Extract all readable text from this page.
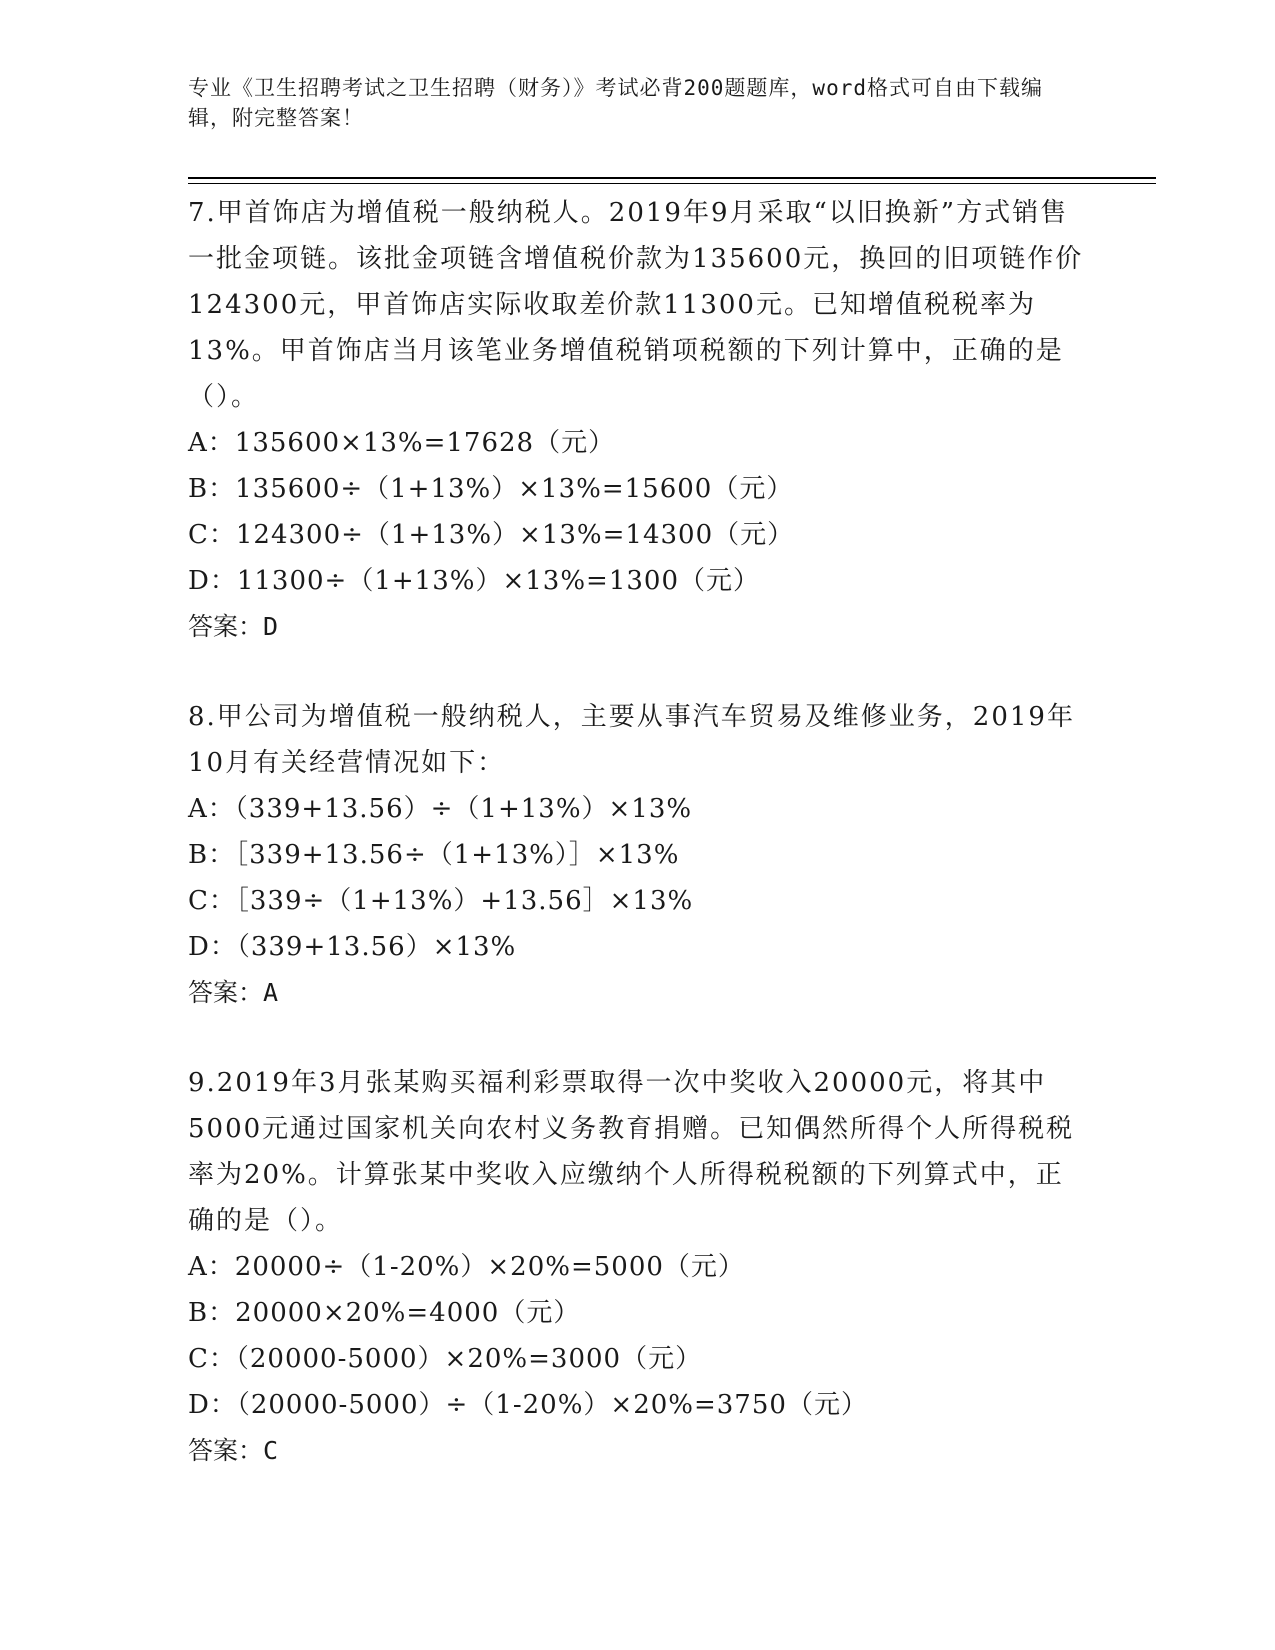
专业《卫生招聘考试之卫生招聘（财务）》考试必背200题题库，word格式可自由下载编辑，附完整答案！

7.甲首饰店为增值税一般纳税人。2019年9月采取“以旧换新”方式销售一批金项链。该批金项链含增值税价款为135600元，换回的旧项链作价124300元，甲首饰店实际收取差价款11300元。已知增值税税率为13%。甲首饰店当月该笔业务增值税销项税额的下列计算中，正确的是（）。

A：135600×13%=17628（元）

B：135600÷（1+13%）×13%=15600（元）

C：124300÷（1+13%）×13%=14300（元）

D：11300÷（1+13%）×13%=1300（元）

答案：D

8.甲公司为增值税一般纳税人，主要从事汽车贸易及维修业务，2019年10月有关经营情况如下：

A：（339+13.56）÷（1+13%）×13%

B：［339+13.56÷（1+13%）］×13%

C：［339÷（1+13%）+13.56］×13%

D：（339+13.56）×13%

答案：A

9.2019年3月张某购买福利彩票取得一次中奖收入20000元，将其中5000元通过国家机关向农村义务教育捐赠。已知偶然所得个人所得税税率为20%。计算张某中奖收入应缴纳个人所得税税额的下列算式中，正确的是（）。

A：20000÷（1-20%）×20%=5000（元）

B：20000×20%=4000（元）

C：（20000-5000）×20%=3000（元）

D：（20000-5000）÷（1-20%）×20%=3750（元）

答案：C
